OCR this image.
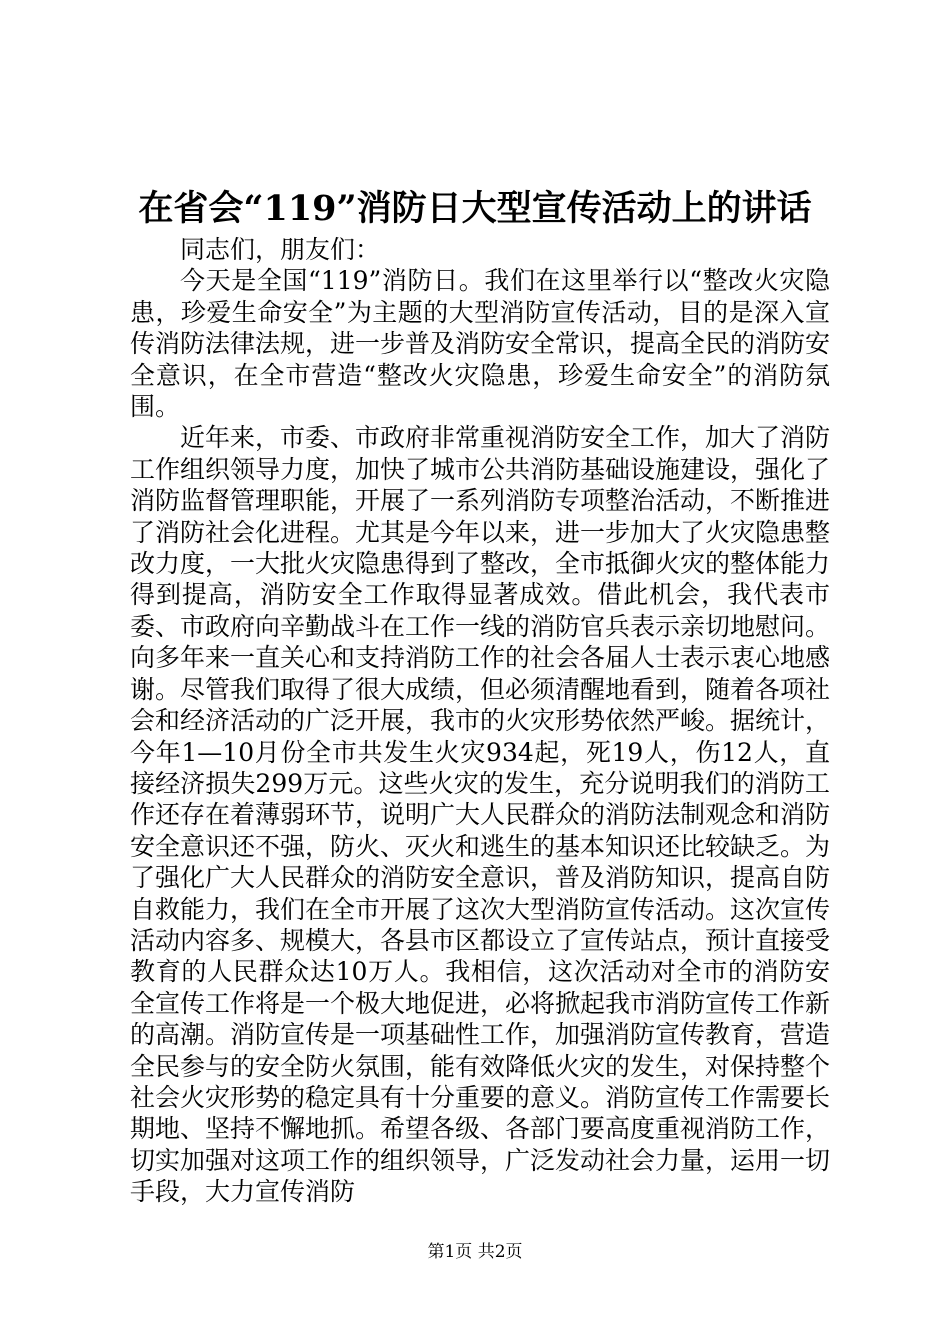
在省会“119”消防日大型宣传活动上的讲话

同志们，朋友们：

今天是全国“119”消防日。我们在这里举行以“整改火灾隐患，珍爱生命安全”为主题的大型消防宣传活动，目的是深入宣传消防法律法规，进一步普及消防安全常识，提高全民的消防安全意识，在全市营造“整改火灾隐患，珍爱生命安全”的消防氛围。

近年来，市委、市政府非常重视消防安全工作，加大了消防工作组织领导力度，加快了城市公共消防基础设施建设，强化了消防监督管理职能，开展了一系列消防专项整治活动，不断推进了消防社会化进程。尤其是今年以来，进一步加大了火灾隐患整改力度，一大批火灾隐患得到了整改，全市抵御火灾的整体能力得到提高，消防安全工作取得显著成效。借此机会，我代表市委、市政府向辛勤战斗在工作一线的消防官兵表示亲切地慰问。向多年来一直关心和支持消防工作的社会各届人士表示衷心地感谢。尽管我们取得了很大成绩，但必须清醒地看到，随着各项社会和经济活动的广泛开展，我市的火灾形势依然严峻。据统计，今年1—10月份全市共发生火灾934起，死19人，伤12人，直接经济损失299万元。这些火灾的发生，充分说明我们的消防工作还存在着薄弱环节，说明广大人民群众的消防法制观念和消防安全意识还不强，防火、灭火和逃生的基本知识还比较缺乏。为了强化广大人民群众的消防安全意识，普及消防知识，提高自防自救能力，我们在全市开展了这次大型消防宣传活动。这次宣传活动内容多、规模大，各县市区都设立了宣传站点，预计直接受教育的人民群众达10万人。我相信，这次活动对全市的消防安全宣传工作将是一个极大地促进，必将掀起我市消防宣传工作新的高潮。消防宣传是一项基础性工作，加强消防宣传教育，营造全民参与的安全防火氛围，能有效降低火灾的发生，对保持整个社会火灾形势的稳定具有十分重要的意义。消防宣传工作需要长期地、坚持不懈地抓。希望各级、各部门要高度重视消防工作，切实加强对这项工作的组织领导，广泛发动社会力量，运用一切手段，大力宣传消防

第1页 共2页
